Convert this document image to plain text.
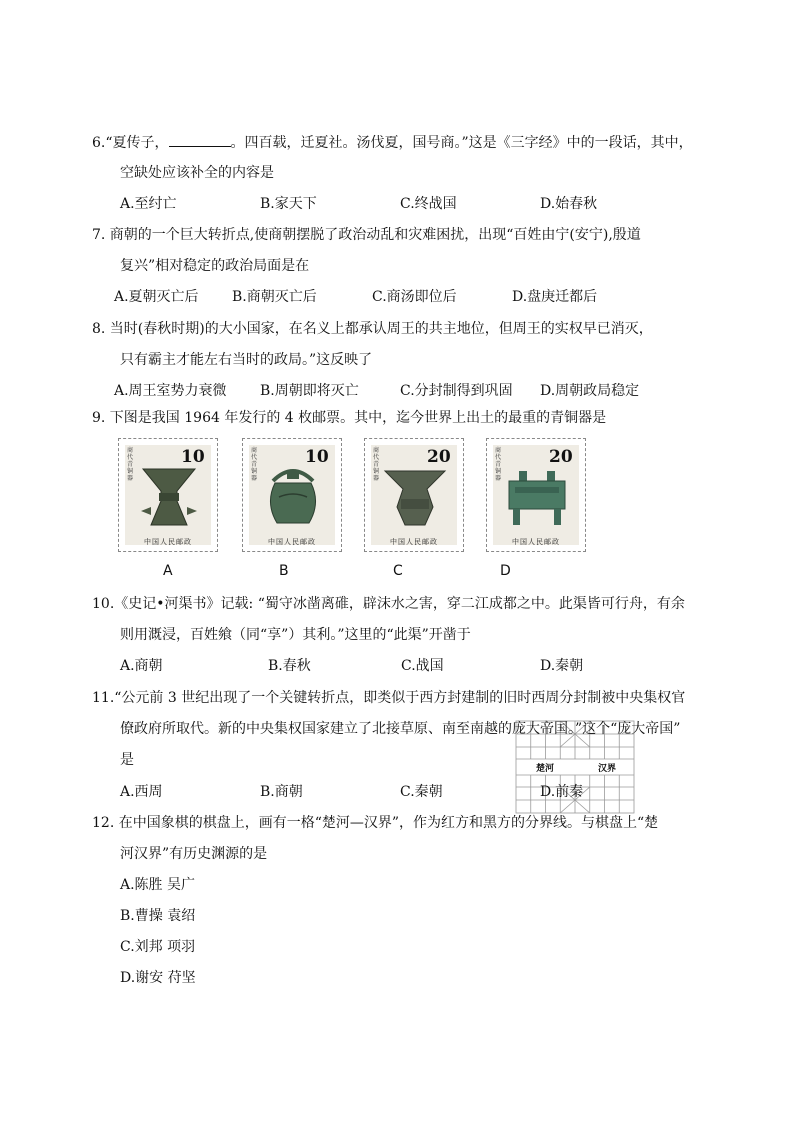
6.“夏传子，	。四百载，迁夏社。汤伐夏，国号商。”这是《三字经》中的一段话，其中，
空缺处应该补全的内容是
A.至纣亡	B.家天下	C.终战国	D.始春秋
7. 商朝的一个巨大转折点,使商朝摆脱了政治动乱和灾难困扰，出现“百姓由宁(安宁),殷道
复兴”相对稳定的政治局面是在
A.夏朝灭亡后 B.商朝灭亡后	C.商汤即位后	D.盘庚迁都后
8. 当时(春秋时期)的大小国家，在名义上都承认周王的共主地位，但周王的实权早已消灭，
只有霸主才能左右当时的政局。”这反映了
A.周王室势力衰微 B.周朝即将灭亡	C.分封制得到巩固 D.周朝政局稳定
9. 下图是我国 1964 年发行的 4 枚邮票。其中，迄今世界上出土的最重的青铜器是
商代青铜器
10
中国人民邮政
商代青铜器
10
中国人民邮政
商代青铜器
20
中国人民邮政
商代青铜器
20
中国人民邮政
A	B	C	D
10.《史记•河渠书》记载: “蜀守冰凿离碓，辟沫水之害，穿二江成都之中。此渠皆可行舟，有余
则用溉浸，百姓飨（同“享”）其利。”这里的“此渠”开凿于
A.商朝	B.春秋	C.战国	D.秦朝
楚河	汉界
11.“公元前 3 世纪出现了一个关键转折点，即类似于西方封建制的旧时西周分封制被中央集权官
僚政府所取代。新的中央集权国家建立了北接草原、南至南越的庞大帝国。”这个“庞大帝国”
是
A.西周	B.商朝	C.秦朝	D.前秦
12. 在中国象棋的棋盘上，画有一格“楚河—汉界”，作为红方和黑方的分界线。与棋盘上“楚
河汉界”有历史渊源的是
A.陈胜 吴广
B.曹操 袁绍
C.刘邦 项羽
D.谢安 苻坚
